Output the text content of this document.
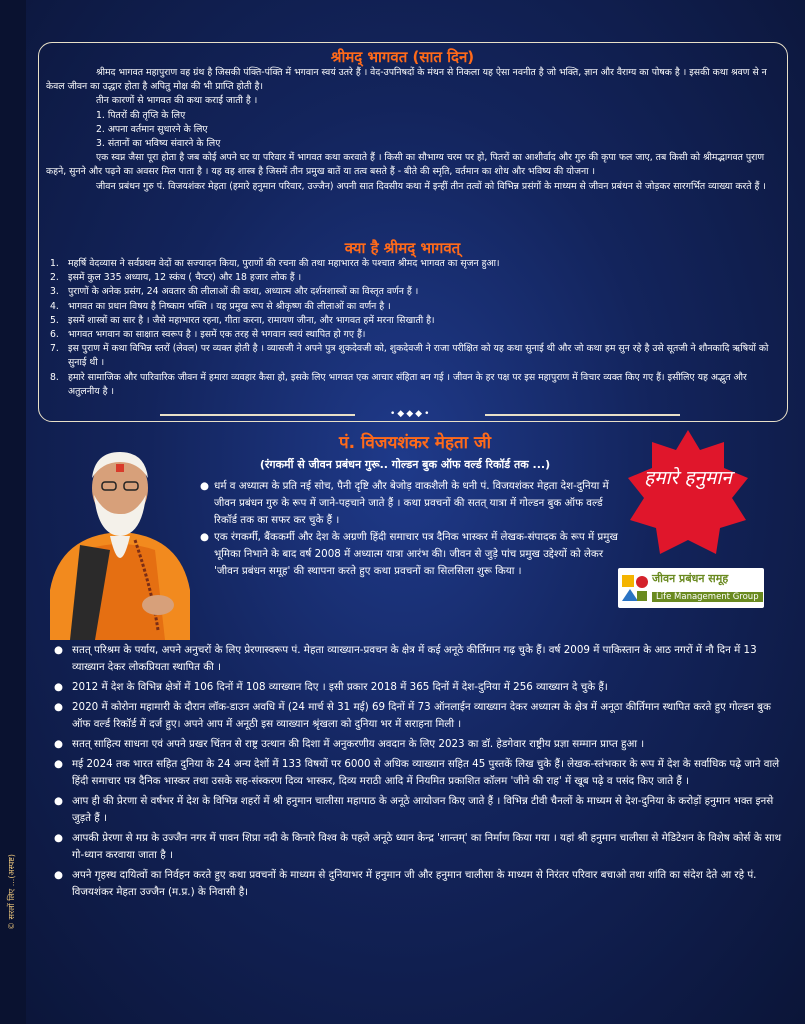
© सरलों लिए ...(अस्पष्ट)
श्रीमद् भागवत (सात दिन)
श्रीमद भागवत महापुराण वह ग्रंथ है जिसकी पंक्ति-पंक्ति में भगवान स्वयं उतरे हैं । वेद-उपनिषदों के मंथन से निकला यह ऐसा नवनीत है जो भक्ति, ज्ञान और वैराग्य का पोषक है । इसकी कथा श्रवण से न केवल जीवन का उद्धार होता है अपितु मोक्ष की भी प्राप्ति होती है।
तीन कारणों से भागवत की कथा कराई जाती है ।
1. पितरों की तृप्ति के लिए
2. अपना वर्तमान सुधारने के लिए
3. संतानों का भविष्य संवारने के लिए
एक स्वप्न जैसा पूरा होता है जब कोई अपने घर या परिवार में भागवत कथा करवाते हैं । किसी का सौभाग्य चरम पर हो, पितरों का आशीर्वाद और गुरु की कृपा फल जाए, तब किसी को श्रीमद्भागवत पुराण कहने, सुनने और पढ़ने का अवसर मिल पाता है । यह वह शास्त्र है जिसमें तीन प्रमुख बातें या तत्व बसते हैं - बीते की स्मृति, वर्तमान का शोध और भविष्य की योजना ।
जीवन प्रबंधन गुरु पं. विजयशंकर मेहता (हमारे हनुमान परिवार, उज्जैन) अपनी सात दिवसीय कथा में इन्हीं तीन तत्वों को विभिन्न प्रसंगों के माध्यम से जीवन प्रबंधन से जोड़कर सारगर्भित व्याख्या करते हैं ।
क्या है श्रीमद् भागवत्
1. महर्षि वेदव्यास ने सर्वप्रथम वेदों का सज्यादन किया, पुराणों की रचना की तथा महाभारत के पश्चात श्रीमद भागवत का सृजन हुआ।
2. इसमें कुल 335 अध्याय, 12 स्कंध ( चैप्टर) और 18 हजार लोक हैं ।
3. पुराणों के अनेक प्रसंग, 24 अवतार की लीलाओं की कथा, अध्यात्म और दर्शनशास्त्रों का विस्तृत वर्णन हैं ।
4. भागवत का प्रधान विषय है निष्काम भक्ति । यह प्रमुख रूप से श्रीकृष्ण की लीलाओं का वर्णन है ।
5. इसमें शास्त्रों का सार है । जैसे महाभारत रहना, गीता करना, रामायण जीना, और भागवत हमें मरना सिखाती है।
6. भागवत भगवान का साक्षात स्वरूप है । इसमें एक तरह से भगवान स्वयं स्थापित हो गए हैं।
7. इस पुराण में कथा विभिन्न स्तरों (लेवल) पर व्यक्त होती है । व्यासजी ने अपने पुत्र शुकदेवजी को, शुकदेवजी ने राजा परीक्षित को यह कथा सुनाई थी और जो कथा हम सुन रहे है उसे सूतजी ने शौनकादि ऋषियों को सुनाई थी ।
8. हमारे सामाजिक और पारिवारिक जीवन में हमारा व्यवहार कैसा हो, इसके लिए भागवत एक आचार संहिता बन गई । जीवन के हर पक्ष पर इस महापुराण में विचार व्यक्त किए गए हैं। इसीलिए यह अद्भुत और अतुलनीय है ।
•◆◆◆•
पं. विजयशंकर मेहता जी
(रंगकर्मी से जीवन प्रबंधन गुरू.. गोल्डन बुक ऑफ वर्ल्ड रिकॉर्ड तक ...)
● धर्म व अध्यात्म के प्रति नई सोच, पैनी दृष्टि और बेजोड़ वाकशैली के धनी पं. विजयशंकर मेहता देश-दुनिया में जीवन प्रबंधन गुरु के रूप में जाने-पहचाने जाते हैं । कथा प्रवचनों की सतत् यात्रा में गोल्डन बुक ऑफ वर्ल्ड रिकॉर्ड तक का सफर कर चुके हैं ।
● एक रंगकर्मी, बैंककर्मी और देश के अग्रणी हिंदी समाचार पत्र दैनिक भास्कर में लेखक-संपादक के रूप में प्रमुख भूमिका निभाने के बाद वर्ष 2008 में अध्यात्म यात्रा आरंभ की। जीवन से जुड़े पांच प्रमुख उद्देश्यों को लेकर 'जीवन प्रबंधन समूह' की स्थापना करते हुए कथा प्रवचनों का सिलसिला शुरू किया ।
हमारे हनुमान
जीवन प्रबंधन समूह
Life Management Group
● सतत् परिश्रम के पर्याय, अपने अनुचरों के लिए प्रेरणास्वरूप पं. मेहता व्याख्यान-प्रवचन के क्षेत्र में कई अनूठे कीर्तिमान गढ़ चुके हैं। वर्ष 2009 में पाकिस्तान के आठ नगरों में नौ दिन में 13 व्याख्यान देकर लोकप्रियता स्थापित की ।
● 2012 में देश के विभिन्न क्षेत्रों में 106 दिनों में 108 व्याख्यान दिए । इसी प्रकार 2018 में 365 दिनों में देश-दुनिया में 256 व्याख्यान दे चुके हैं।
● 2020 में कोरोना महामारी के दौरान लॉक-डाउन अवधि में (24 मार्च से 31 मई) 69 दिनों में 73 ऑनलाईन व्याख्यान देकर अध्यात्म के क्षेत्र में अनूठा कीर्तिमान स्थापित करते हुए गोल्डन बुक ऑफ वर्ल्ड रिकॉर्ड में दर्ज हुए। अपने आप में अनूठी इस व्याख्यान श्रृंखला को दुनिया भर में सराहना मिली ।
● सतत् साहित्य साधना एवं अपने प्रखर चिंतन से राष्ट्र उत्थान की दिशा में अनुकरणीय अवदान के लिए 2023 का डॉ. हेडगेवार राष्ट्रीय प्रज्ञा सम्मान प्राप्त हुआ ।
● मई 2024 तक भारत सहित दुनिया के 24 अन्य देशों में 133 विषयों पर 6000 से अधिक व्याख्यान सहित 45 पुस्तकें लिख चुके हैं। लेखक-स्तंभकार के रूप में देश के सर्वाधिक पढ़े जाने वाले हिंदी समाचार पत्र दैनिक भास्कर तथा उसके सह-संस्करण दिव्य भास्कर, दिव्य मराठी आदि में नियमित प्रकाशित कॉलम 'जीने की राह' में खूब पढ़े व पसंद किए जाते हैं ।
● आप ही की प्रेरणा से वर्षभर में देश के विभिन्न शहरों में श्री हनुमान चालीसा महापाठ के अनूठे आयोजन किए जाते हैं । विभिन्न टीवी चैनलों के माध्यम से देश-दुनिया के करोड़ों हनुमान भक्त इनसे जुड़ते हैं ।
● आपकी प्रेरणा से मप्र के उज्जैन नगर में पावन शिप्रा नदी के किनारे विश्व के पहले अनूठे ध्यान केन्द्र 'शान्तम्' का निर्माण किया गया । यहां श्री हनुमान चालीसा से मेडिटेशन के विशेष कोर्स के साथ गो-ध्यान करवाया जाता है ।
● अपने गृहस्थ दायित्वों का निर्वहन करते हुए कथा प्रवचनों के माध्यम से दुनियाभर में हनुमान जी और हनुमान चालीसा के माध्यम से निरंतर परिवार बचाओ तथा शांति का संदेश देते आ रहे पं. विजयशंकर मेहता उज्जैन (म.प्र.) के निवासी है।
